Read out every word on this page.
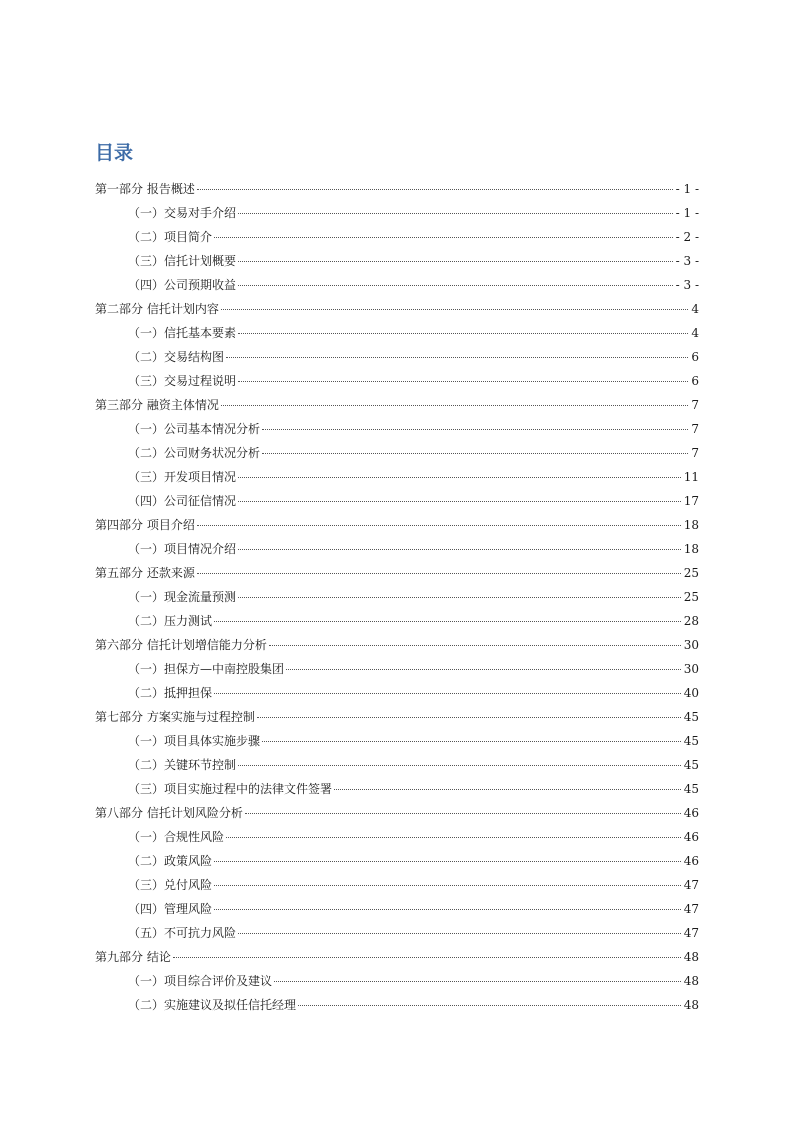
目录
第一部分 报告概述	- 1 -
（一）交易对手介绍	- 1 -
（二）项目简介	- 2 -
（三）信托计划概要	- 3 -
（四）公司预期收益	- 3 -
第二部分 信托计划内容	4
（一）信托基本要素	4
（二）交易结构图	6
（三）交易过程说明	6
第三部分 融资主体情况	7
（一）公司基本情况分析	7
（二）公司财务状况分析	7
（三）开发项目情况	11
（四）公司征信情况	17
第四部分 项目介绍	18
（一）项目情况介绍	18
第五部分 还款来源	25
（一）现金流量预测	25
（二）压力测试	28
第六部分 信托计划增信能力分析	30
（一）担保方—中南控股集团	30
（二）抵押担保	40
第七部分 方案实施与过程控制	45
（一）项目具体实施步骤	45
（二）关键环节控制	45
（三）项目实施过程中的法律文件签署	45
第八部分 信托计划风险分析	46
（一）合规性风险	46
（二）政策风险	46
（三）兑付风险	47
（四）管理风险	47
（五）不可抗力风险	47
第九部分 结论	48
（一）项目综合评价及建议	48
（二）实施建议及拟任信托经理	48
